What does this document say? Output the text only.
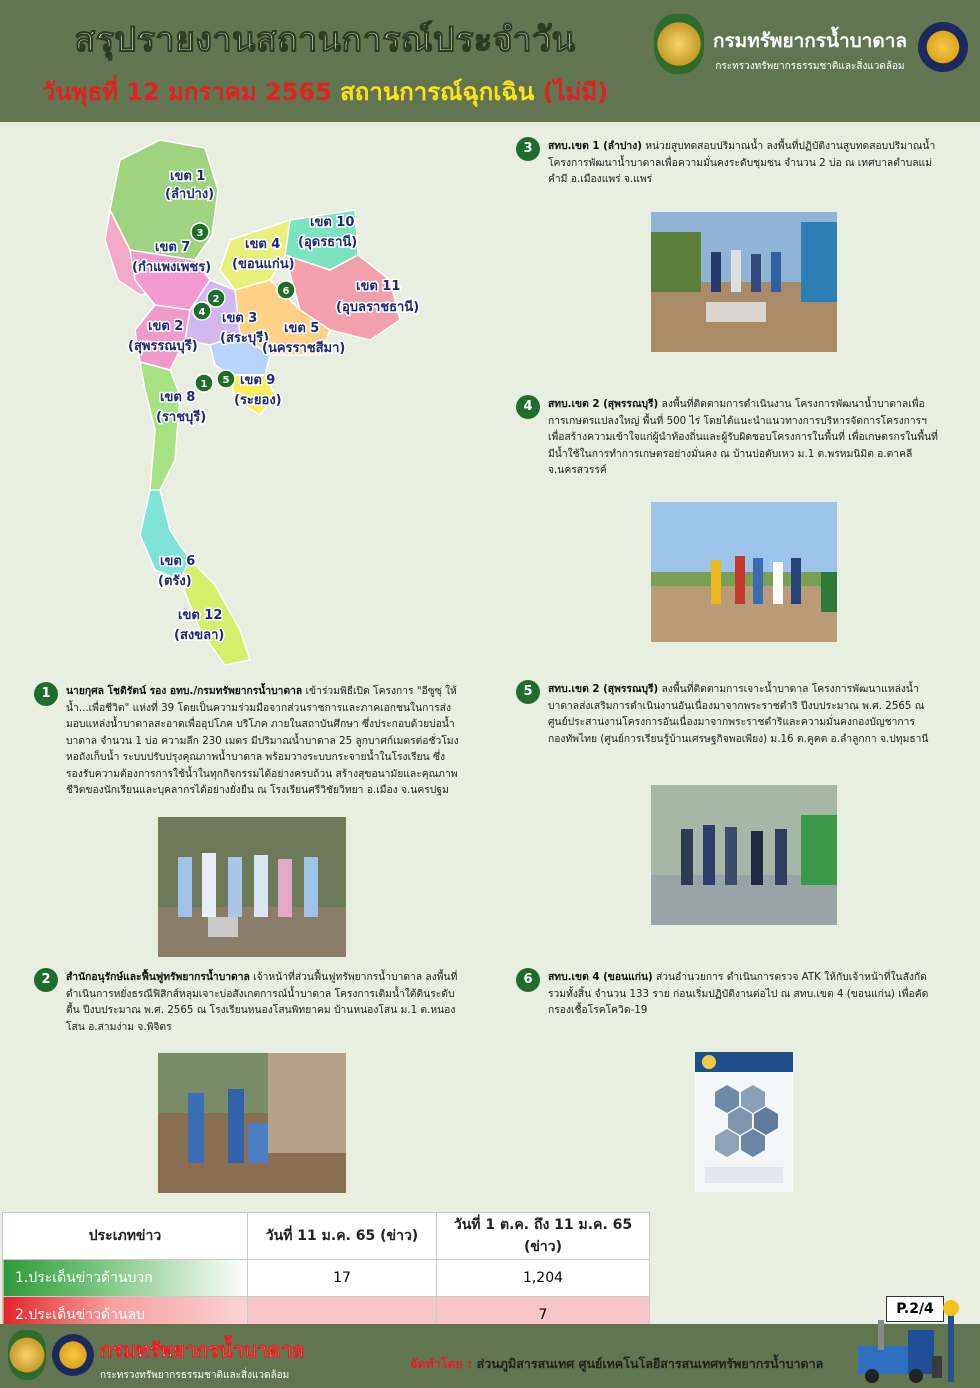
สรุปรายงานสถานการณ์ประจำวัน
วันพุธที่ 12 มกราคม 2565 สถานการณ์ฉุกเฉิน (ไม่มี)
กรมทรัพยากรน้ำบาดาล
กระทรวงทรัพยากรธรรมชาติและสิ่งแวดล้อม
3
2
4
6
1 5
เขต 1
(ลำปาง)
เขต 10
(อุดรธานี)
เขต 7
(กำแพงเพชร)
เขต 4
(ขอนแก่น)
เขต 11
(อุบลราชธานี)
เขต 2
(สุพรรณบุรี)
เขต 3
(สระบุรี)
เขต 5
(นครราชสีมา)
เขต 9
(ระยอง)
เขต 8
(ราชบุรี)
เขต 6
(ตรัง)
เขต 12
(สงขลา)
3	สทบ.เขต 1 (ลำปาง) หน่วยสูบทดสอบปริมาณน้ำ ลงพื้นที่ปฏิบัติงานสูบทดสอบปริมาณน้ำ โครงการพัฒนาน้ำบาดาลเพื่อความมั่นคงระดับชุมชน จำนวน 2 บ่อ ณ เทศบาลตำบลแม่คำมี อ.เมืองแพร่ จ.แพร่
4	สทบ.เขต 2 (สุพรรณบุรี) ลงพื้นที่ติดตามการดำเนินงาน โครงการพัฒนาน้ำบาดาลเพื่อการเกษตรแปลงใหญ่ พื้นที่ 500 ไร่ โดยได้แนะนำแนวทางการบริหารจัดการโครงการฯ เพื่อสร้างความเข้าใจแก่ผู้นำท้องถิ่นและผู้รับผิดชอบโครงการในพื้นที่ เพื่อเกษตรกรในพื้นที่มีน้ำใช้ในการทำการเกษตรอย่างมั่นคง ณ บ้านบ่อตับเหว ม.1 ต.พรหมนิมิต อ.ตาคลี จ.นครสวรรค์
1	นายกุศล โชติรัตน์ รอง อทบ./กรมทรัพยากรน้ำบาดาล เข้าร่วมพิธีเปิด โครงการ "อีซูซุ ให้น้ำ...เพื่อชีวิต" แห่งที่ 39 โดยเป็นความร่วมมือจากส่วนราชการและภาคเอกชนในการส่งมอบแหล่งน้ำบาดาลสะอาดเพื่ออุปโภค บริโภค ภายในสถาบันศึกษา ซึ่งประกอบด้วยบ่อน้ำบาดาล จำนวน 1 บ่อ ความลึก 230 เมตร มีปริมาณน้ำบาดาล 25 ลูกบาศก์เมตรต่อชั่วโมง หอถังเก็บน้ำ ระบบปรับปรุงคุณภาพน้ำบาดาล พร้อมวางระบบกระจายน้ำในโรงเรียน ซึ่งรองรับความต้องการการใช้น้ำในทุกกิจกรรมได้อย่างครบถ้วน สร้างสุขอนามัยและคุณภาพชีวิตของนักเรียนและบุคลากรได้อย่างยั่งยืน ณ โรงเรียนศรีวิชัยวิทยา อ.เมือง จ.นครปฐม
5	สทบ.เขต 2 (สุพรรณบุรี) ลงพื้นที่ติดตามการเจาะน้ำบาดาล โครงการพัฒนาแหล่งน้ำบาดาลส่งเสริมการดำเนินงานอันเนื่องมาจากพระราชดำริ ปีงบประมาณ พ.ศ. 2565 ณ ศูนย์ประสานงานโครงการอันเนื่องมาจากพระราชดำริและความมั่นคงกองบัญชาการกองทัพไทย (ศูนย์การเรียนรู้บ้านเศรษฐกิจพอเพียง) ม.16 ต.คูคต อ.ลำลูกกา จ.ปทุมธานี
2	สำนักอนุรักษ์และฟื้นฟูทรัพยากรน้ำบาดาล เจ้าหน้าที่ส่วนฟื้นฟูทรัพยากรน้ำบาดาล ลงพื้นที่ดำเนินการหยั่งธรณีฟิสิกส์หลุมเจาะบ่อสังเกตการณ์น้ำบาดาล โครงการเติมน้ำใต้ดินระดับตื้น ปีงบประมาณ พ.ศ. 2565 ณ โรงเรียนหนองโสนพิทยาคม บ้านหนองโสน ม.1 ต.หนองโสน อ.สามง่าม จ.พิจิตร
6	สทบ.เขต 4 (ขอนแก่น) ส่วนอำนวยการ ดำเนินการตรวจ ATK ให้กับเจ้าหน้าที่ในสังกัดรวมทั้งสิ้น จำนวน 133 ราย ก่อนเริ่มปฏิบัติงานต่อไป ณ สทบ.เขต 4 (ขอนแก่น) เพื่อคัดกรองเชื้อโรคโควิด-19
ประเภทข่าว	วันที่ 11 ม.ค. 65 (ข่าว)	วันที่ 1 ต.ค. ถึง 11 ม.ค. 65 (ข่าว)
1.ประเด็นข่าวด้านบวก	17	1,204
2.ประเด็นข่าวด้านลบ		7	P.2/4
กรมทรัพยากรน้ำบาดาล
กระทรวงทรัพยากรธรรมชาติและสิ่งแวดล้อม
จัดทำโดย : ส่วนภูมิสารสนเทศ ศูนย์เทคโนโลยีสารสนเทศทรัพยากรน้ำบาดาล
